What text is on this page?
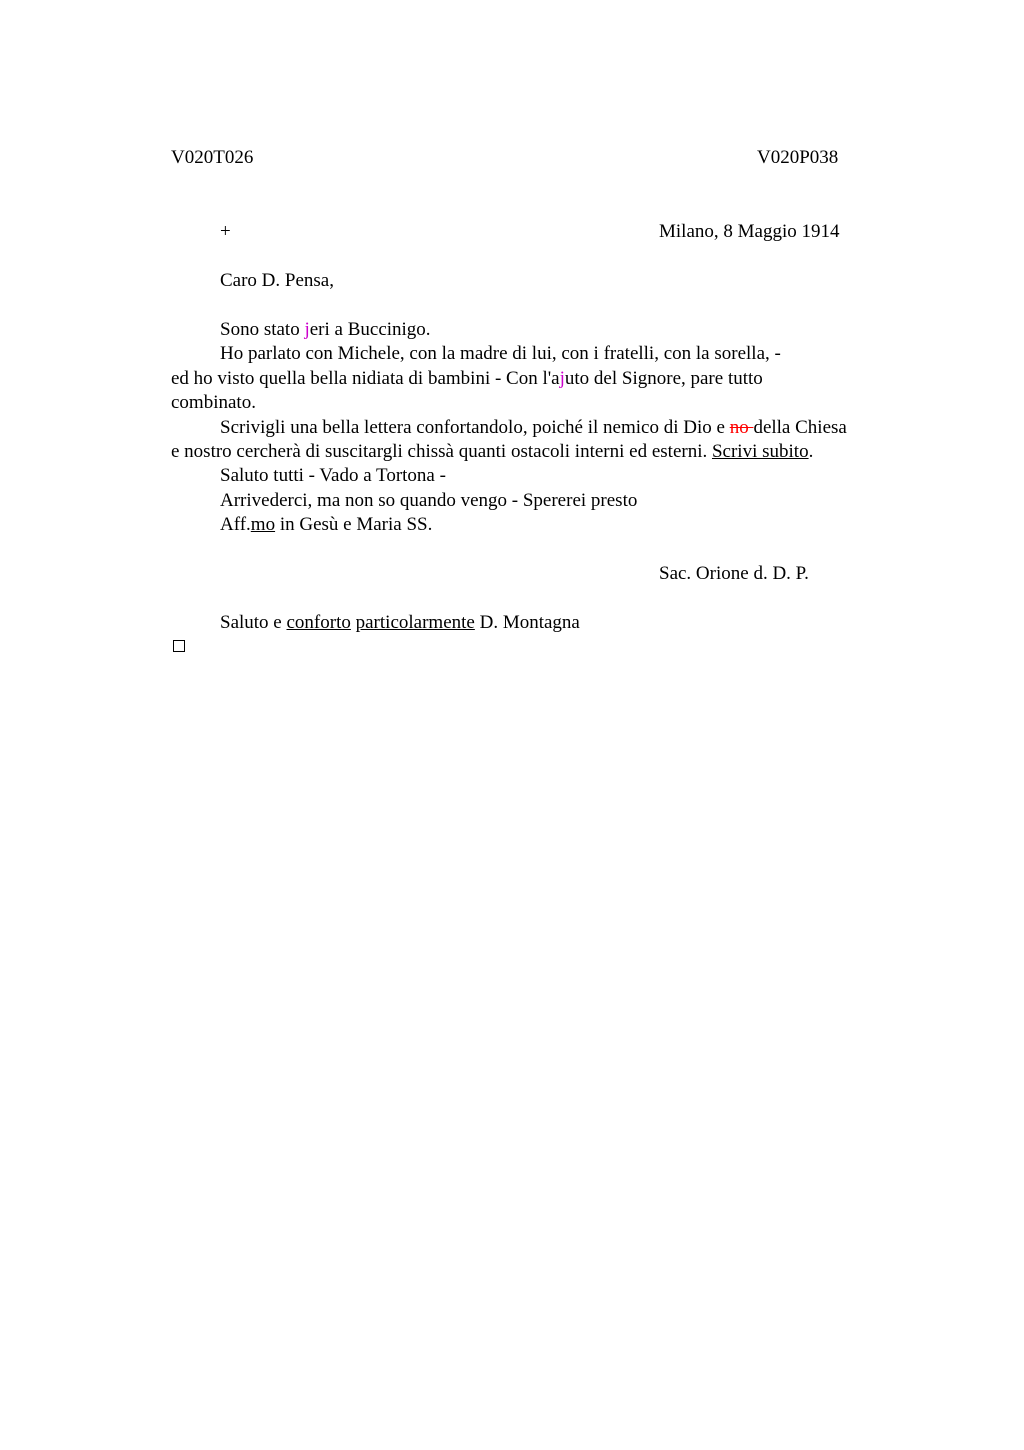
V020T026	V020P038
+	Milano, 8 Maggio 1914
Caro D. Pensa,
Sono stato jeri a Buccinigo.
Ho parlato con Michele, con la madre di lui, con i fratelli, con la sorella, -
ed ho visto quella bella nidiata di bambini - Con l'ajuto del Signore, pare tutto
combinato.
Scrivigli una bella lettera confortandolo, poiché il nemico di Dio e no della Chiesa
e nostro cercherà di suscitargli chissà quanti ostacoli interni ed esterni. Scrivi subito.
Saluto tutti - Vado a Tortona -
Arrivederci, ma non so quando vengo - Spererei presto
Aff.mo in Gesù e Maria SS.
Sac. Orione d. D. P.
Saluto e conforto particolarmente D. Montagna
